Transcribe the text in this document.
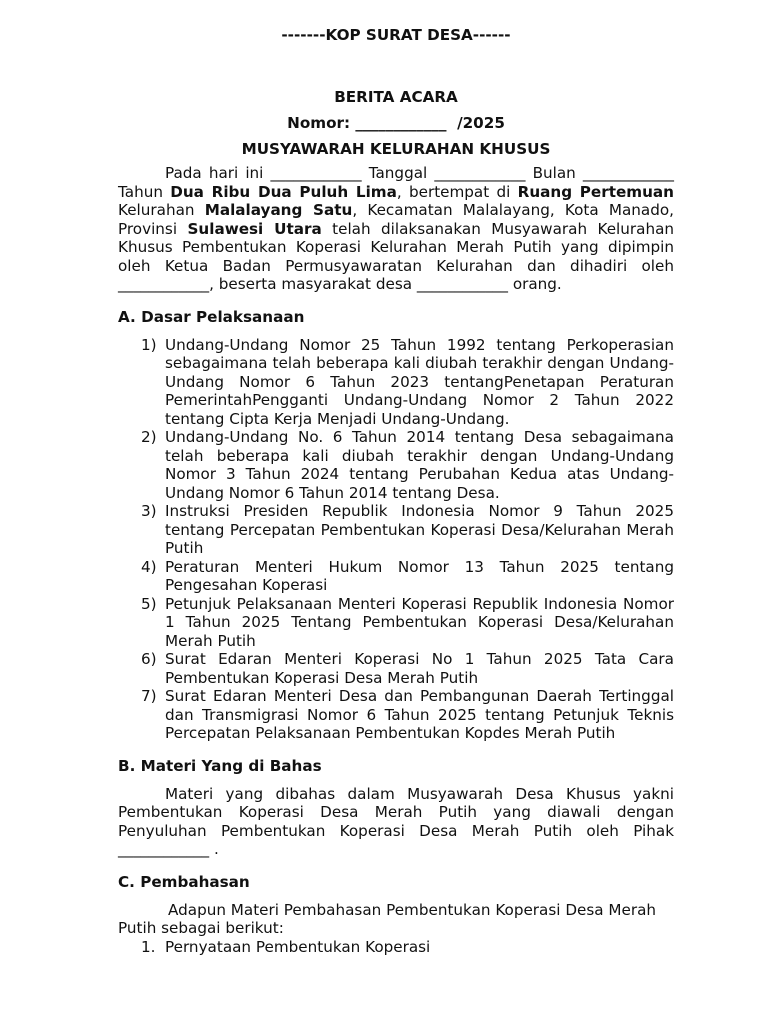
-------KOP SURAT DESA------
BERITA ACARA
Nomor: ____________  /2025
MUSYAWARAH KELURAHAN KHUSUS

Pada hari ini ____________ Tanggal ____________ Bulan ____________ Tahun Dua Ribu Dua Puluh Lima, bertempat di Ruang Pertemuan Kelurahan Malalayang Satu, Kecamatan Malalayang, Kota Manado, Provinsi Sulawesi Utara telah dilaksanakan Musyawarah Kelurahan Khusus Pembentukan Koperasi Kelurahan Merah Putih yang dipimpin oleh Ketua Badan Permusyawaratan Kelurahan dan dihadiri oleh ____________, beserta masyarakat desa ____________ orang.

A. Dasar Pelaksanaan
1) Undang-Undang Nomor 25 Tahun 1992 tentang Perkoperasian sebagaimana telah beberapa kali diubah terakhir dengan Undang-Undang Nomor 6 Tahun 2023 tentangPenetapan Peraturan PemerintahPengganti Undang-Undang Nomor 2 Tahun 2022 tentang Cipta Kerja Menjadi Undang-Undang.
2) Undang-Undang No. 6 Tahun 2014 tentang Desa sebagaimana telah beberapa kali diubah terakhir dengan Undang-Undang Nomor 3 Tahun 2024 tentang Perubahan Kedua atas Undang-Undang Nomor 6 Tahun 2014 tentang Desa.
3) Instruksi Presiden Republik Indonesia Nomor 9 Tahun 2025 tentang Percepatan Pembentukan Koperasi Desa/Kelurahan Merah Putih
4) Peraturan Menteri Hukum Nomor 13 Tahun 2025 tentang Pengesahan Koperasi
5) Petunjuk Pelaksanaan Menteri Koperasi Republik Indonesia Nomor 1 Tahun 2025 Tentang Pembentukan Koperasi Desa/Kelurahan Merah Putih
6) Surat Edaran Menteri Koperasi No 1 Tahun 2025 Tata Cara Pembentukan Koperasi Desa Merah Putih
7) Surat Edaran Menteri Desa dan Pembangunan Daerah Tertinggal dan Transmigrasi Nomor 6 Tahun 2025 tentang Petunjuk Teknis Percepatan Pelaksanaan Pembentukan Kopdes Merah Putih
B. Materi Yang di Bahas

Materi yang dibahas dalam Musyawarah Desa Khusus yakni Pembentukan Koperasi Desa Merah Putih yang diawali dengan Penyuluhan Pembentukan Koperasi Desa Merah Putih oleh Pihak ____________ .

C. Pembahasan

Adapun Materi Pembahasan Pembentukan Koperasi Desa Merah Putih sebagai berikut:

1. Pernyataan Pembentukan Koperasi
